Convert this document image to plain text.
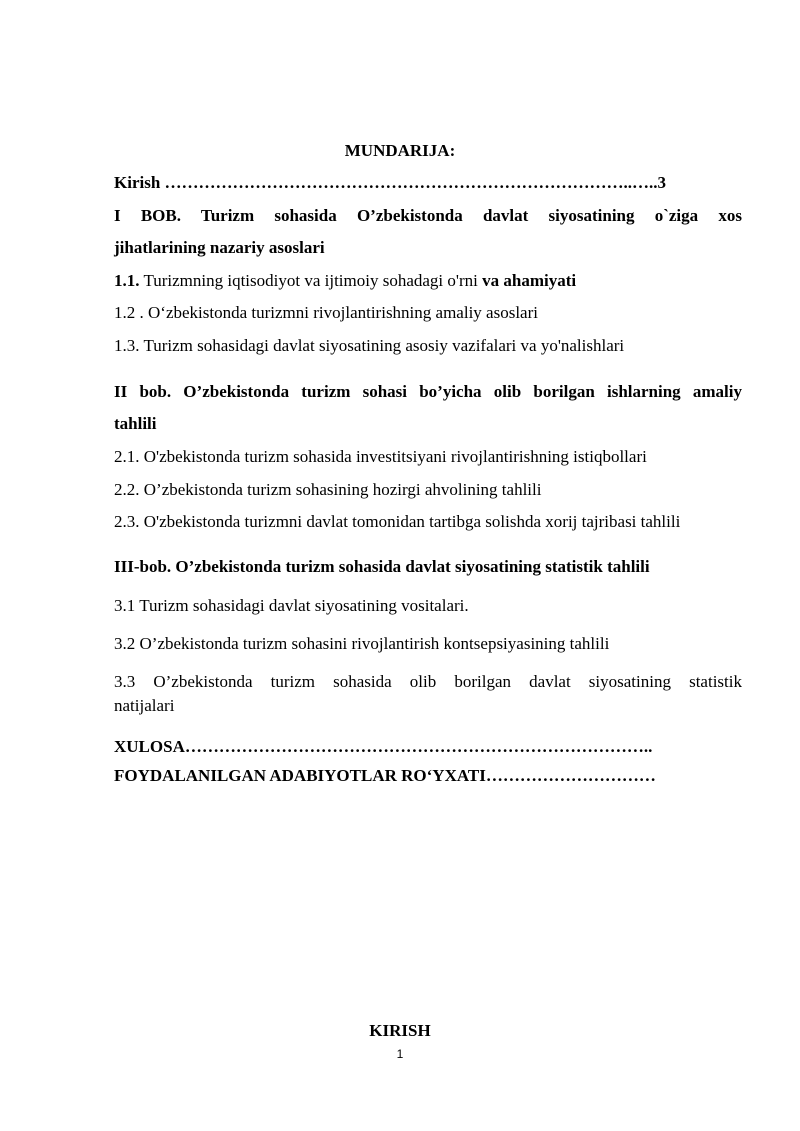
MUNDARIJA:
Kirish ………………………………………………………………………..…..3
I BOB. Turizm sohasida O’zbekistonda davlat siyosatining o`ziga xos
jihatlarining nazariy asoslari
1.1. Turizmning iqtisodiyot va ijtimoiy sohadagi o'rni va ahamiyati
1.2 . O‘zbekistonda turizmni rivojlantirishning amaliy asoslari
1.3. Turizm sohasidagi davlat siyosatining asosiy vazifalari va yo'nalishlari
II bob. O’zbekistonda turizm sohasi bo’yicha olib borilgan ishlarning amaliy
tahlili
2.1. O'zbekistonda turizm sohasida investitsiyani rivojlantirishning istiqbollari
2.2. O’zbekistonda turizm sohasining hozirgi ahvolining tahlili
2.3. O'zbekistonda turizmni davlat tomonidan tartibga solishda xorij tajribasi tahlili
III-bob. O’zbekistonda turizm sohasida davlat siyosatining statistik tahlili
3.1 Turizm sohasidagi davlat siyosatining vositalari.
3.2 O’zbekistonda turizm sohasini rivojlantirish kontsepsiyasining tahlili
3.3 O’zbekistonda turizm sohasida olib borilgan davlat siyosatining statistik
natijalari
XULOSA………………………………………………………………………..
FOYDALANILGAN ADABIYOTLAR RO‘YXATI…………………………
KIRISH
1
